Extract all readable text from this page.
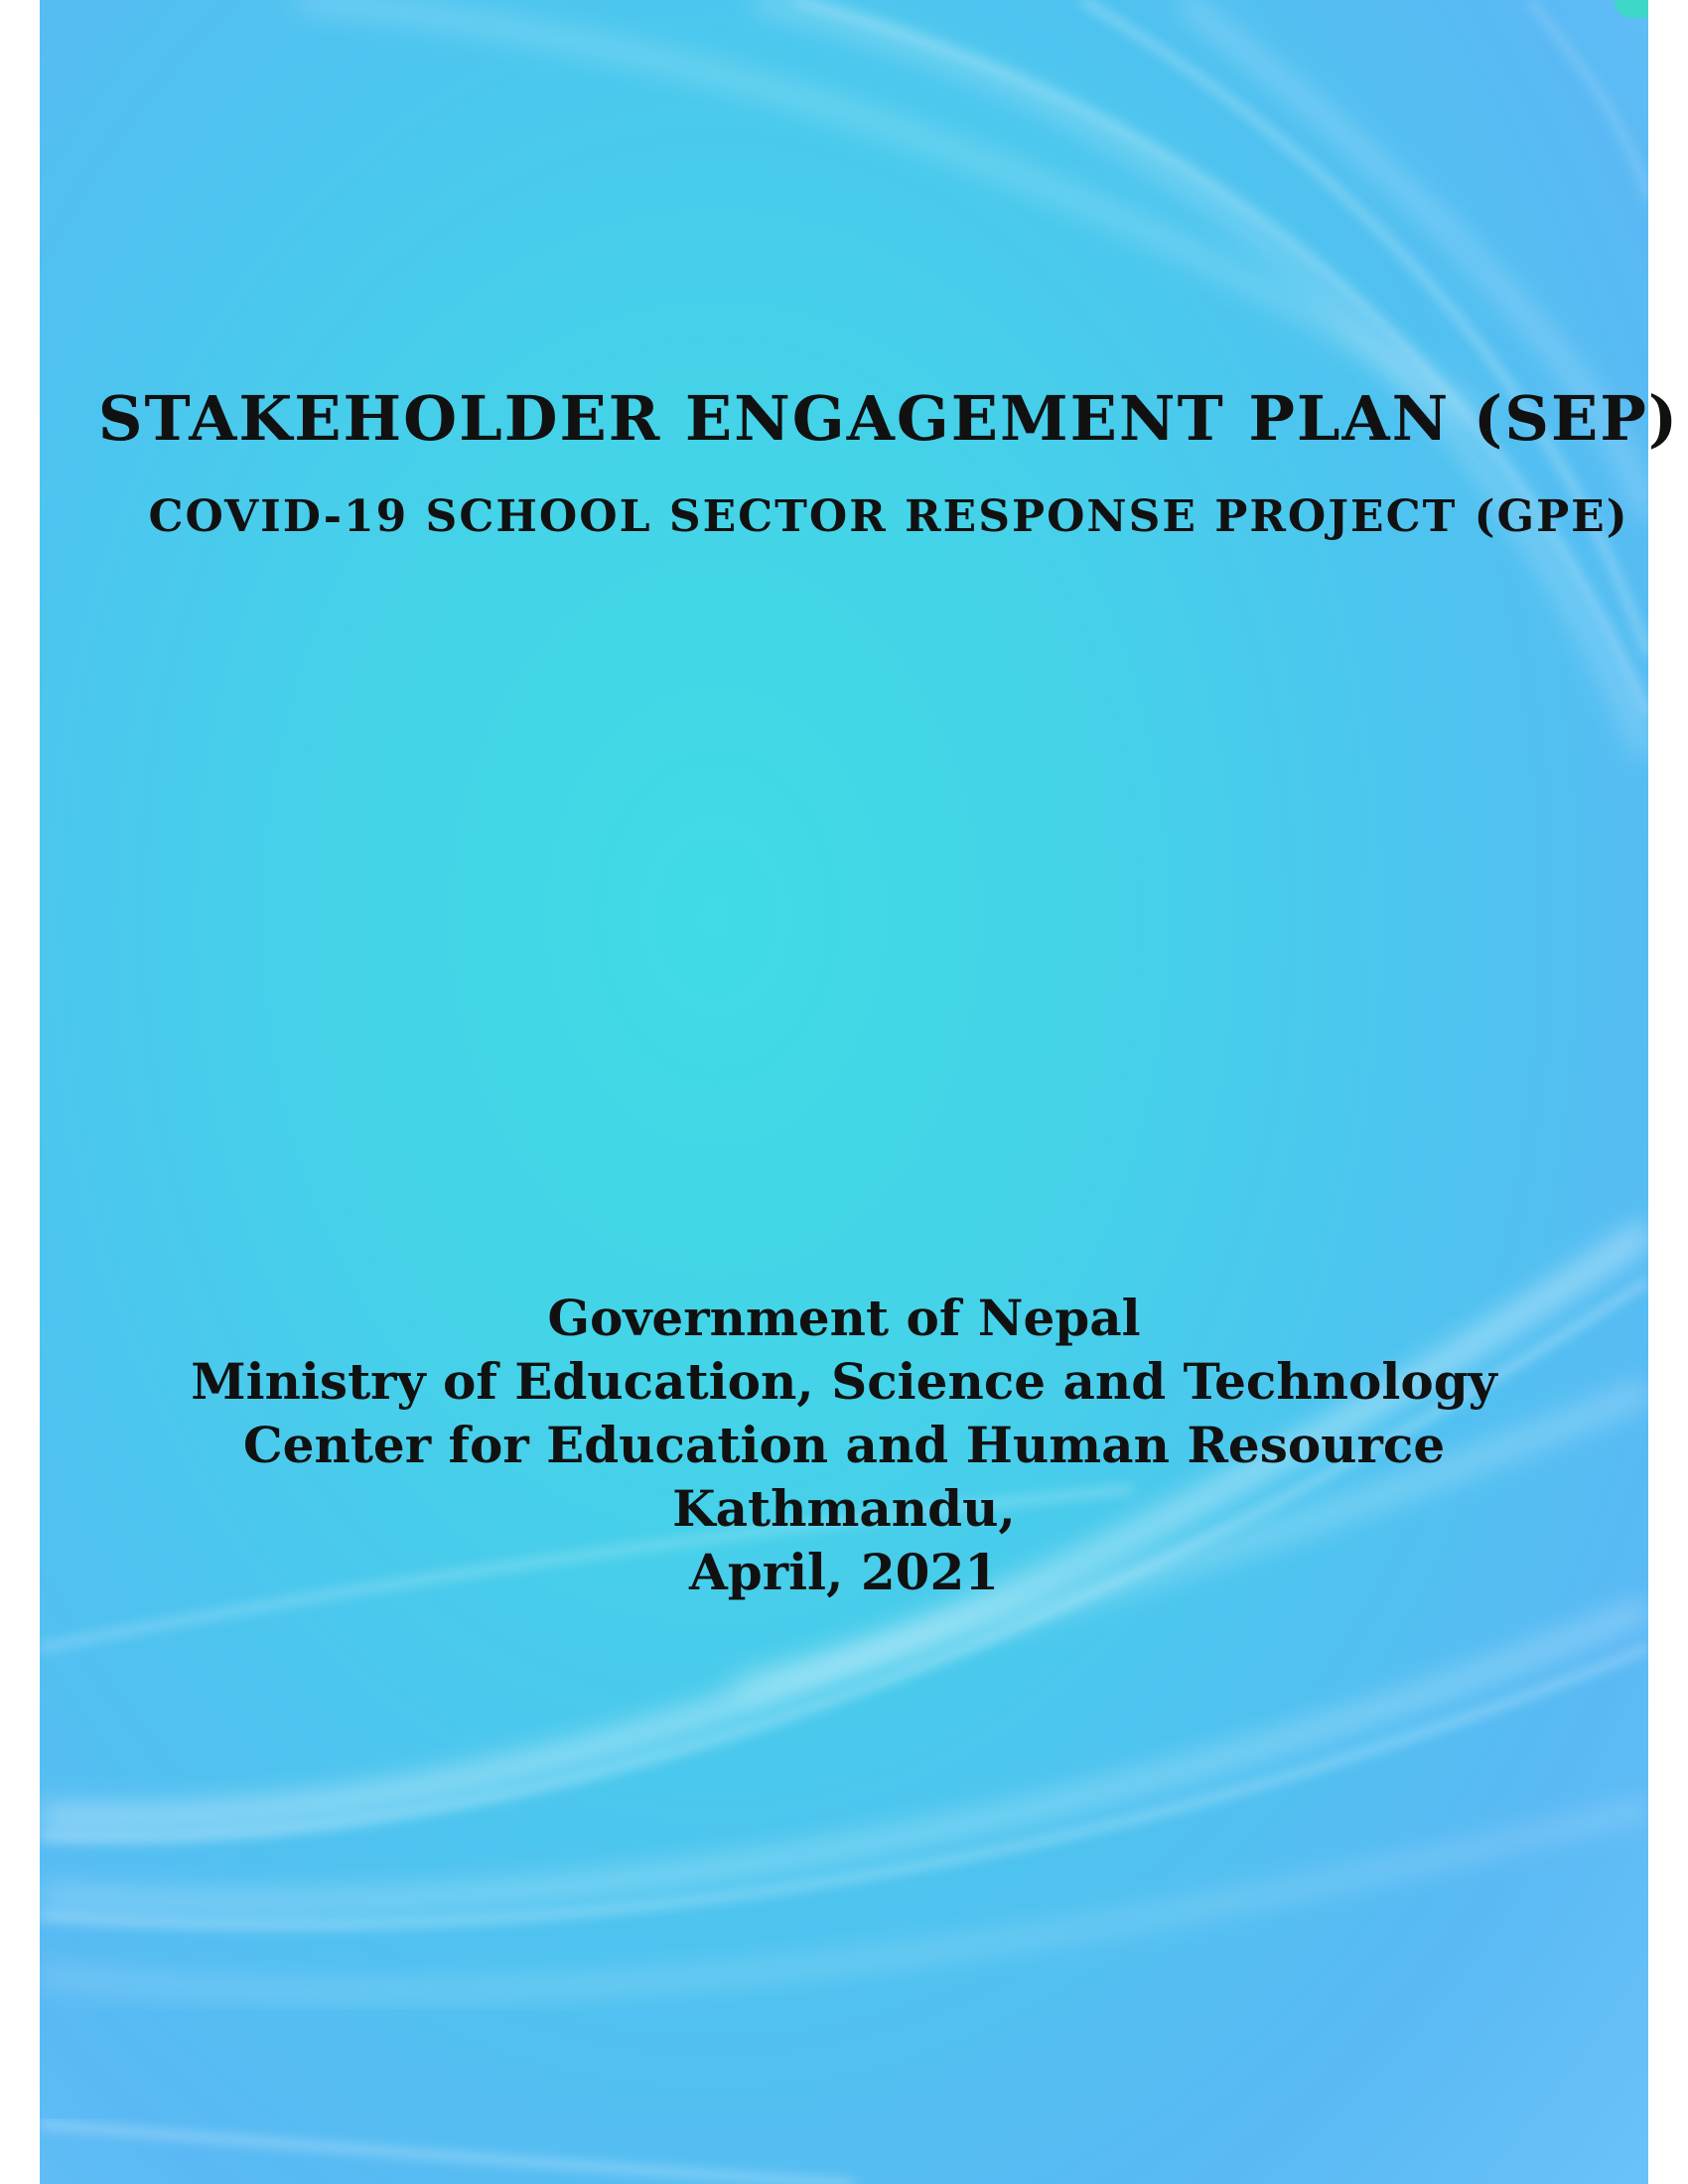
STAKEHOLDER ENGAGEMENT PLAN (SEP)
COVID-19 SCHOOL SECTOR RESPONSE PROJECT (GPE)

Government of Nepal

Ministry of Education, Science and Technology

Center for Education and Human Resource

Kathmandu,

April, 2021
